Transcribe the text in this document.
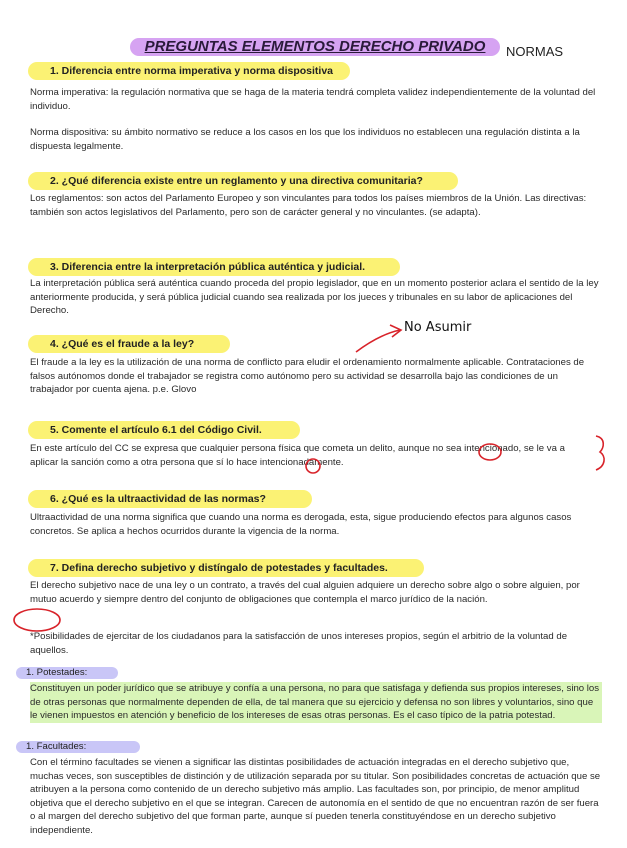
PREGUNTAS ELEMENTOS DERECHO PRIVADO	NORMAS
1. Diferencia entre norma imperativa y norma dispositiva
Norma imperativa: la regulación normativa que se haga de la materia tendrá completa validez independientemente de la voluntad del individuo.
Norma dispositiva: su ámbito normativo se reduce a los casos en los que los individuos no establecen una regulación distinta a la dispuesta legalmente.
2. ¿Qué diferencia existe entre un reglamento y una directiva comunitaria?
Los reglamentos: son actos del Parlamento Europeo y son vinculantes para todos los países miembros de la Unión. Las directivas: también son actos legislativos del Parlamento, pero son de carácter general y no vinculantes. (se adapta).
3. Diferencia entre la interpretación pública auténtica y judicial.
La interpretación pública será auténtica cuando proceda del propio legislador, que en un momento posterior aclara el sentido de la ley anteriormente producida, y será pública judicial cuando sea realizada por los jueces y tribunales en su labor de aplicaciones del Derecho.
4. ¿Qué es el fraude a la ley?
No Asumir
El fraude a la ley es la utilización de una norma de conflicto para eludir el ordenamiento normalmente aplicable. Contrataciones de falsos autónomos donde el trabajador se registra como autónomo pero su actividad se desarrolla bajo las condiciones de un trabajador por cuenta ajena. p.e. Glovo
5. Comente el artículo 6.1 del Código Civil.
En este artículo del CC se expresa que cualquier persona física que cometa un delito, aunque no sea intencionado, se le va a aplicar la sanción como a otra persona que sí lo hace intencionadamente.
6. ¿Qué es la ultraactividad de las normas?
Ultraactividad de una norma significa que cuando una norma es derogada, esta, sigue produciendo efectos para algunos casos concretos. Se aplica a hechos ocurridos durante la vigencia de la norma.
7. Defina derecho subjetivo y distíngalo de potestades y facultades.
El derecho subjetivo nace de una ley o un contrato, a través del cual alguien adquiere un derecho sobre algo o sobre alguien, por mutuo acuerdo y siempre dentro del conjunto de obligaciones que contempla el marco jurídico de la nación.
*Posibilidades de ejercitar de los ciudadanos para la satisfacción de unos intereses propios, según el arbitrio de la voluntad de aquellos.
1. Potestades:
Constituyen un poder jurídico que se atribuye y confía a una persona, no para que satisfaga y defienda sus propios intereses, sino los de otras personas que normalmente dependen de ella, de tal manera que su ejercicio y defensa no son libres y voluntarios, sino que le vienen impuestos en atención y beneficio de los intereses de esas otras personas. Es el caso típico de la patria potestad.
1. Facultades:
Con el término facultades se vienen a significar las distintas posibilidades de actuación integradas en el derecho subjetivo que, muchas veces, son susceptibles de distinción y de utilización separada por su titular. Son posibilidades concretas de actuación que se atribuyen a la persona como contenido de un derecho subjetivo más amplio. Las facultades son, por principio, de menor amplitud objetiva que el derecho subjetivo en el que se integran. Carecen de autonomía en el sentido de que no encuentran razón de ser fuera o al margen del derecho subjetivo del que forman parte, aunque sí pueden tenerla constituyéndose en un derecho subjetivo independiente.
